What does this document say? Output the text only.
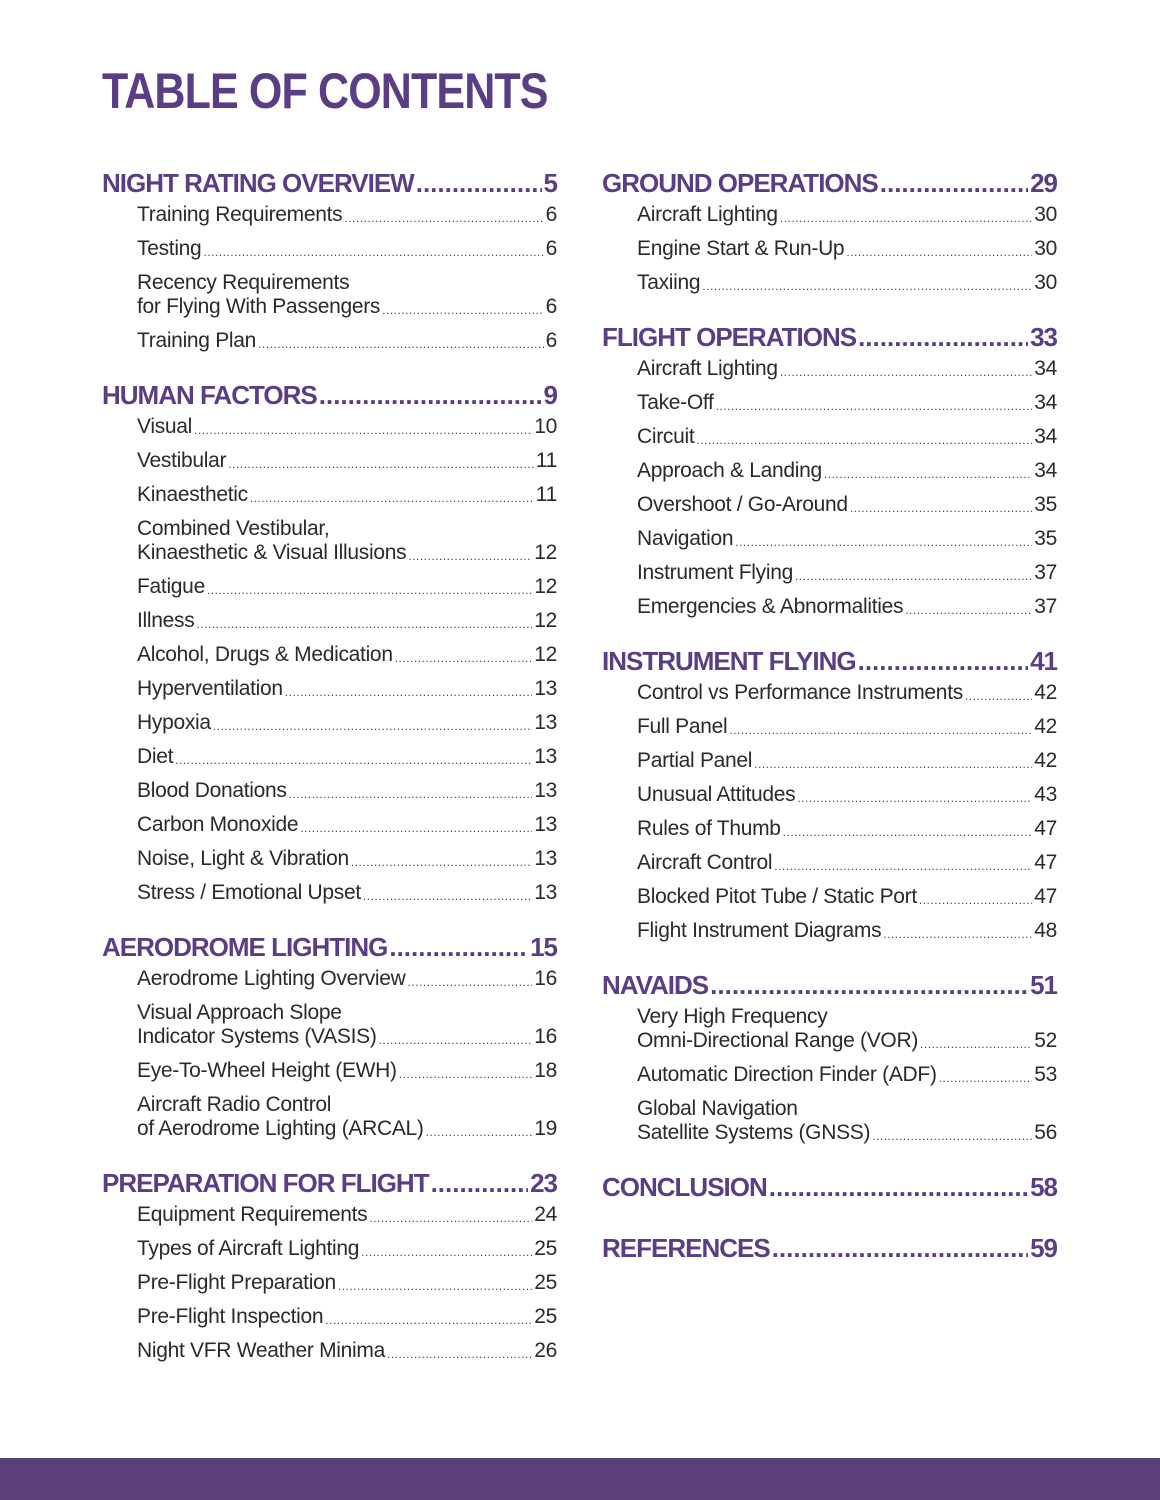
TABLE OF CONTENTS
NIGHT RATING OVERVIEW .....	5
Training Requirements .....	6
Testing .....	6
Recency Requirements
for Flying With Passengers .....	6
Training Plan .....	6
HUMAN FACTORS .....	9
Visual .....	10
Vestibular .....	11
Kinaesthetic .....	11
Combined Vestibular,
Kinaesthetic & Visual Illusions .....	12
Fatigue .....	12
Illness .....	12
Alcohol, Drugs & Medication .....	12
Hyperventilation .....	13
Hypoxia .....	13
Diet .....	13
Blood Donations .....	13
Carbon Monoxide .....	13
Noise, Light & Vibration .....	13
Stress / Emotional Upset .....	13
AERODROME LIGHTING .....	15
Aerodrome Lighting Overview .....	16
Visual Approach Slope
Indicator Systems (VASIS) .....	16
Eye-To-Wheel Height (EWH) .....	18
Aircraft Radio Control
of Aerodrome Lighting (ARCAL) .....	19
PREPARATION FOR FLIGHT .....	23
Equipment Requirements .....	24
Types of Aircraft Lighting .....	25
Pre-Flight Preparation .....	25
Pre-Flight Inspection .....	25
Night VFR Weather Minima .....	26
GROUND OPERATIONS .....	29
Aircraft Lighting .....	30
Engine Start & Run-Up .....	30
Taxiing .....	30
FLIGHT OPERATIONS .....	33
Aircraft Lighting .....	34
Take-Off .....	34
Circuit .....	34
Approach & Landing .....	34
Overshoot / Go-Around .....	35
Navigation .....	35
Instrument Flying .....	37
Emergencies & Abnormalities .....	37
INSTRUMENT FLYING .....	41
Control vs Performance Instruments .....	42
Full Panel .....	42
Partial Panel .....	42
Unusual Attitudes .....	43
Rules of Thumb .....	47
Aircraft Control .....	47
Blocked Pitot Tube / Static Port .....	47
Flight Instrument Diagrams .....	48
NAVAIDS .....	51
Very High Frequency
Omni-Directional Range (VOR) .....	52
Automatic Direction Finder (ADF) .....	53
Global Navigation
Satellite Systems (GNSS) .....	56
CONCLUSION .....	58
REFERENCES .....	59
